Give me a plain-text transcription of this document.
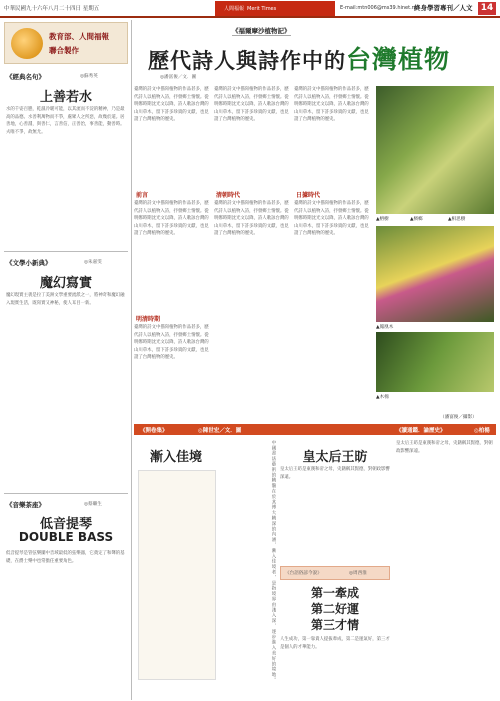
中華民國九十六年八月二十四日 星期五	人間福報 Merit Times	E-mail:mtn006@ms39.hinet.net
終身學習專刊／人文 14
教育部、人間福報
聯合製作
《經典名句》	◎蘇秀英
上善若水
水的千姿百態，乾濕冷暖可能，以其流而不淀的精神，乃是最高的品德。水善利萬物而不爭，處眾人之所惡，故幾於道。居善地，心善淵，與善仁，言善信，正善治，事善能，動善時。夫唯不爭，故無尤。
《文學小新典》	◎朱嘉雯
魔幻寫實
魔幻現實主義是拉丁美洲文學重要流派之一，將神奇和魔幻融入現實生活，既寫實又神秘，使人耳目一新。
《音樂茶座》	◎蔡繼生
低音提琴
DOUBLE BASS
低音提琴是管弦樂團中音域最低的弦樂器，它奠定了和聲的基礎，在爵士樂中也常擔任重要角色。
《福爾摩沙植物記》
歷代詩人與詩作中的台灣植物
◎潘富俊／文．圖
臺灣的詩文中描寫植物的作品甚多，歷代詩人以植物入詩，抒發鄉土情懷。從明鄭時期沈光文以降，詩人歌詠台灣的山川草木，留下許多珍貴的文獻，也見證了台灣植物的歷史。
臺灣的詩文中描寫植物的作品甚多，歷代詩人以植物入詩，抒發鄉土情懷。從明鄭時期沈光文以降，詩人歌詠台灣的山川草木，留下許多珍貴的文獻，也見證了台灣植物的歷史。
臺灣的詩文中描寫植物的作品甚多，歷代詩人以植物入詩，抒發鄉土情懷。從明鄭時期沈光文以降，詩人歌詠台灣的山川草木，留下許多珍貴的文獻，也見證了台灣植物的歷史。
▲榕樹	▲檳榔	▲相思樹
前言
臺灣的詩文中描寫植物的作品甚多，歷代詩人以植物入詩，抒發鄉土情懷。從明鄭時期沈光文以降，詩人歌詠台灣的山川草木，留下許多珍貴的文獻，也見證了台灣植物的歷史。
明清時期
臺灣的詩文中描寫植物的作品甚多，歷代詩人以植物入詩，抒發鄉土情懷。從明鄭時期沈光文以降，詩人歌詠台灣的山川草木，留下許多珍貴的文獻，也見證了台灣植物的歷史。
清朝時代
臺灣的詩文中描寫植物的作品甚多，歷代詩人以植物入詩，抒發鄉土情懷。從明鄭時期沈光文以降，詩人歌詠台灣的山川草木，留下許多珍貴的文獻，也見證了台灣植物的歷史。
日據時代
臺灣的詩文中描寫植物的作品甚多，歷代詩人以植物入詩，抒發鄉土情懷。從明鄭時期沈光文以降，詩人歌詠台灣的山川草木，留下許多珍貴的文獻，也見證了台灣植物的歷史。
▲鳳凰木
▲木棉
（潘富俊／攝影）
《開卷集》	◎陳世宏／文．圖	《讀通鑑．論歷史》	◎柏楊
漸入佳境	中國書法藝術的精髓在於其博大精深的內涵，漸入佳境者，是指境界由淺入深，逐步進入美好的境地。	皇太后王昉
皇太后王昉是東漢和帝之母，史籍稱其賢德，對朝政影響深遠。
《台語俗諺今說》	◎周西淮
第一牽成
第二好運
第三才情
人生成功，第一靠貴人提拔牽成，第二是運氣好，第三才是個人的才華能力。
皇太后王昉是東漢和帝之母，史籍稱其賢德，對朝政影響深遠。
